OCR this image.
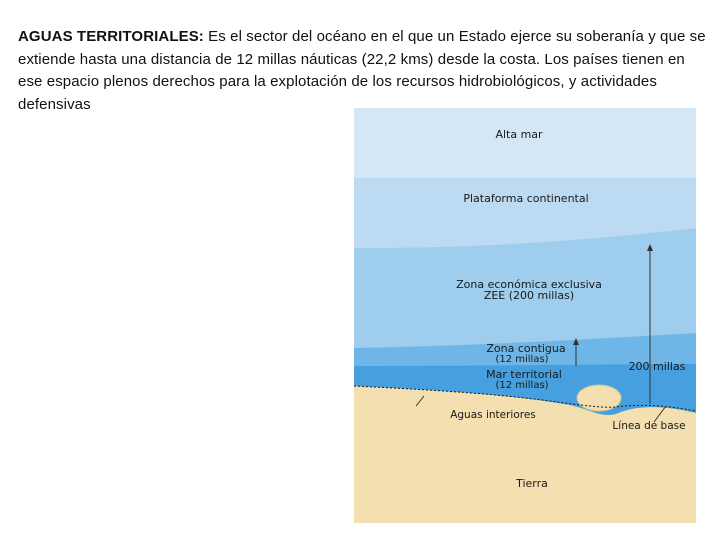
AGUAS TERRITORIALES: Es el sector del océano en el que un Estado ejerce su soberanía y que se extiende hasta una distancia de 12 millas náuticas (22,2 kms) desde la costa. Los países tienen en ese espacio plenos derechos para la explotación de los recursos hidrobiológicos, y actividades defensivas
Alta mar
Plataforma continental
Zona económica exclusiva
ZEE (200 millas)
Zona contigua
(12 millas)
Mar territorial
(12 millas)
Aguas interiores
200 millas
Línea de base
Tierra
